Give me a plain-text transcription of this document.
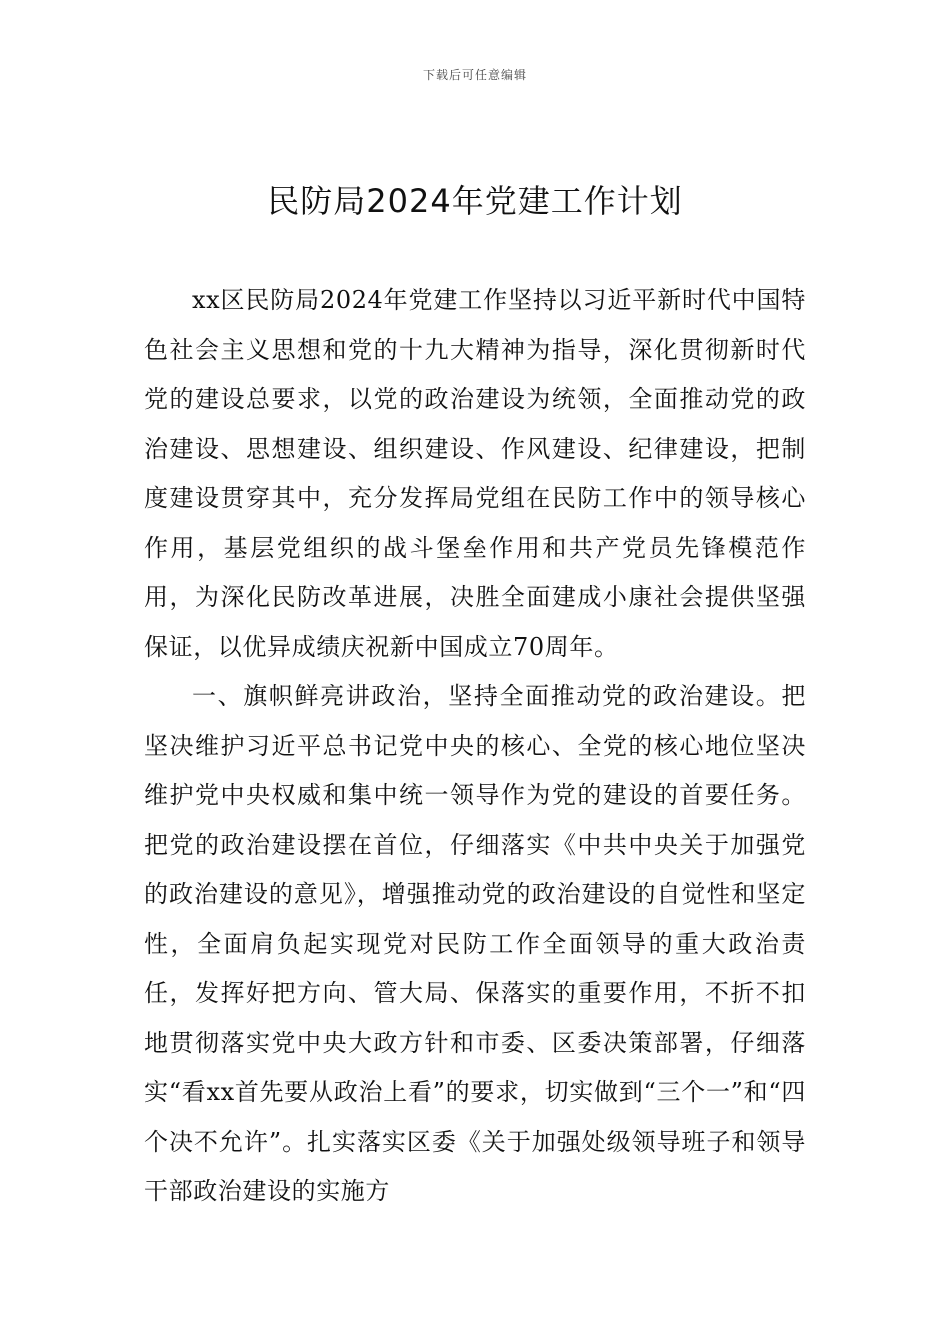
下载后可任意编辑
民防局2024年党建工作计划

xx区民防局2024年党建工作坚持以习近平新时代中国特色社会主义思想和党的十九大精神为指导，深化贯彻新时代党的建设总要求，以党的政治建设为统领，全面推动党的政治建设、思想建设、组织建设、作风建设、纪律建设，把制度建设贯穿其中，充分发挥局党组在民防工作中的领导核心作用，基层党组织的战斗堡垒作用和共产党员先锋模范作用，为深化民防改革进展，决胜全面建成小康社会提供坚强保证，以优异成绩庆祝新中国成立70周年。

一、旗帜鲜亮讲政治，坚持全面推动党的政治建设。把坚决维护习近平总书记党中央的核心、全党的核心地位坚决维护党中央权威和集中统一领导作为党的建设的首要任务。把党的政治建设摆在首位，仔细落实《中共中央关于加强党的政治建设的意见》，增强推动党的政治建设的自觉性和坚定性，全面肩负起实现党对民防工作全面领导的重大政治责任，发挥好把方向、管大局、保落实的重要作用，不折不扣地贯彻落实党中央大政方针和市委、区委决策部署，仔细落实“看xx首先要从政治上看”的要求，切实做到“三个一”和“四个决不允许”。扎实落实区委《关于加强处级领导班子和领导干部政治建设的实施方
